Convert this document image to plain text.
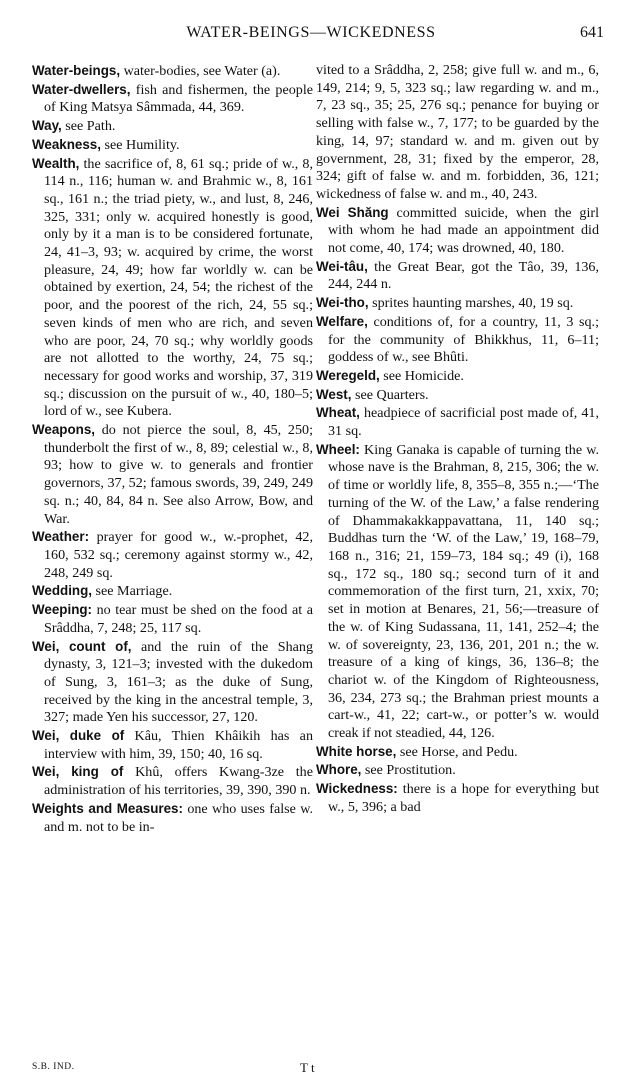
WATER-BEINGS—WICKEDNESS	641

Water-beings, water-bodies, see Water (a).

Water-dwellers, fish and fishermen, the people of King Matsya Sâmmada, 44, 369.

Way, see Path.

Weakness, see Humility.

Wealth, the sacrifice of, 8, 61 sq.; pride of w., 8, 114 n., 116; human w. and Brahmic w., 8, 161 sq., 161 n.; the triad piety, w., and lust, 8, 246, 325, 331; only w. acquired honestly is good, only by it a man is to be considered fortunate, 24, 41–3, 93; w. acquired by crime, the worst pleasure, 24, 49; how far worldly w. can be obtained by exertion, 24, 54; the richest of the poor, and the poorest of the rich, 24, 55 sq.; seven kinds of men who are rich, and seven who are poor, 24, 70 sq.; why worldly goods are not allotted to the worthy, 24, 75 sq.; necessary for good works and worship, 37, 319 sq.; discussion on the pursuit of w., 40, 180–5; lord of w., see Kubera.

Weapons, do not pierce the soul, 8, 45, 250; thunderbolt the first of w., 8, 89; celestial w., 8, 93; how to give w. to generals and frontier governors, 37, 52; famous swords, 39, 249, 249 sq. n.; 40, 84, 84 n. See also Arrow, Bow, and War.

Weather: prayer for good w., w.-prophet, 42, 160, 532 sq.; ceremony against stormy w., 42, 248, 249 sq.

Wedding, see Marriage.

Weeping: no tear must be shed on the food at a Srâddha, 7, 248; 25, 117 sq.

Wei, count of, and the ruin of the Shang dynasty, 3, 121–3; invested with the dukedom of Sung, 3, 161–3; as the duke of Sung, received by the king in the ancestral temple, 3, 327; made Yen his successor, 27, 120.

Wei, duke of Kâu, Thien Khâikih has an interview with him, 39, 150; 40, 16 sq.

Wei, king of Khû, offers Kwang-3ze the administration of his territories, 39, 390, 390 n.

Weights and Measures: one who uses false w. and m. not to be in-

vited to a Srâddha, 2, 258; give full w. and m., 6, 149, 214; 9, 5, 323 sq.; law regarding w. and m., 7, 23 sq., 35; 25, 276 sq.; penance for buying or selling with false w., 7, 177; to be guarded by the king, 14, 97; standard w. and m. given out by government, 28, 31; fixed by the emperor, 28, 324; gift of false w. and m. forbidden, 36, 121; wickedness of false w. and m., 40, 243.

Wei Shăng committed suicide, when the girl with whom he had made an appointment did not come, 40, 174; was drowned, 40, 180.

Wei-tâu, the Great Bear, got the Tâo, 39, 136, 244, 244 n.

Wei-tho, sprites haunting marshes, 40, 19 sq.

Welfare, conditions of, for a country, 11, 3 sq.; for the community of Bhikkhus, 11, 6–11; goddess of w., see Bhûti.

Weregeld, see Homicide.

West, see Quarters.

Wheat, headpiece of sacrificial post made of, 41, 31 sq.

Wheel: King Ganaka is capable of turning the w. whose nave is the Brahman, 8, 215, 306; the w. of time or worldly life, 8, 355–8, 355 n.;—‘The turning of the W. of the Law,’ a false rendering of Dhammakakkappavattana, 11, 140 sq.; Buddhas turn the ‘W. of the Law,’ 19, 168–79, 168 n., 316; 21, 159–73, 184 sq.; 49 (i), 168 sq., 172 sq., 180 sq.; second turn of it and commemoration of the first turn, 21, xxix, 70; set in motion at Benares, 21, 56;—treasure of the w. of King Sudassana, 11, 141, 252–4; the w. of sovereignty, 23, 136, 201, 201 n.; the w. treasure of a king of kings, 36, 136–8; the chariot w. of the Kingdom of Righteousness, 36, 234, 273 sq.; the Brahman priest mounts a cart-w., 41, 22; cart-w., or potter’s w. would creak if not steadied, 44, 126.

White horse, see Horse, and Pedu.

Whore, see Prostitution.

Wickedness: there is a hope for everything but w., 5, 396; a bad

S.B. IND.	T t
